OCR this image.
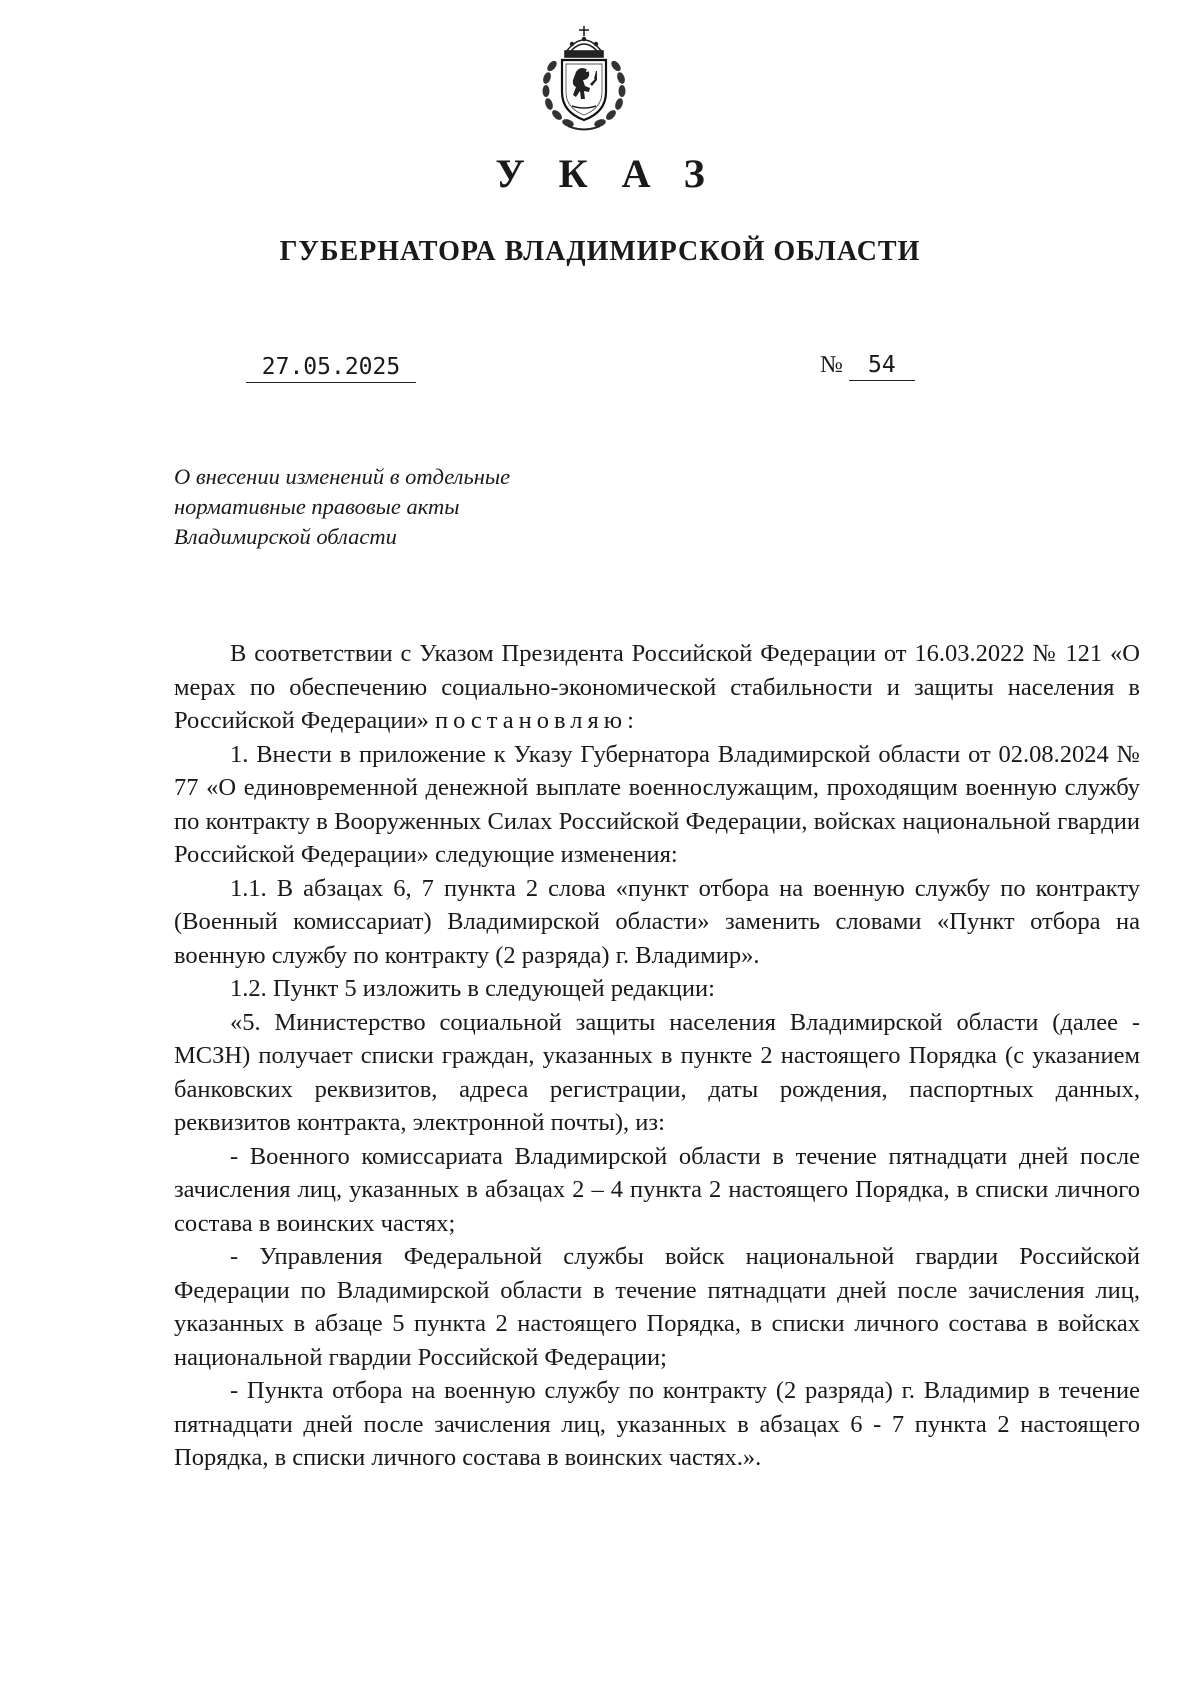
УКАЗ
ГУБЕРНАТОРА ВЛАДИМИРСКОЙ ОБЛАСТИ
27.05.2025	№ 54
О внесении изменений в отдельные
нормативные правовые акты
Владимирской области

В соответствии с Указом Президента Российской Федерации от 16.03.2022 № 121 «О мерах по обеспечению социально-экономической стабильности и защиты населения в Российской Федерации» постановляю:

1. Внести в приложение к Указу Губернатора Владимирской области от 02.08.2024 № 77 «О единовременной денежной выплате военнослужащим, проходящим военную службу по контракту в Вооруженных Силах Российской Федерации, войсках национальной гвардии Российской Федерации» следующие изменения:

1.1. В абзацах 6, 7 пункта 2 слова «пункт отбора на военную службу по контракту (Военный комиссариат) Владимирской области» заменить словами «Пункт отбора на военную службу по контракту (2 разряда) г. Владимир».

1.2. Пункт 5 изложить в следующей редакции:

«5. Министерство социальной защиты населения Владимирской области (далее - МСЗН) получает списки граждан, указанных в пункте 2 настоящего Порядка (с указанием банковских реквизитов, адреса регистрации, даты рождения, паспортных данных, реквизитов контракта, электронной почты), из:

- Военного комиссариата Владимирской области в течение пятнадцати дней после зачисления лиц, указанных в абзацах 2 – 4 пункта 2 настоящего Порядка, в списки личного состава в воинских частях;

- Управления Федеральной службы войск национальной гвардии Российской Федерации по Владимирской области в течение пятнадцати дней после зачисления лиц, указанных в абзаце 5 пункта 2 настоящего Порядка, в списки личного состава в войсках национальной гвардии Российской Федерации;

- Пункта отбора на военную службу по контракту (2 разряда) г. Владимир в течение пятнадцати дней после зачисления лиц, указанных в абзацах 6 - 7 пункта 2 настоящего Порядка, в списки личного состава в воинских частях.».
